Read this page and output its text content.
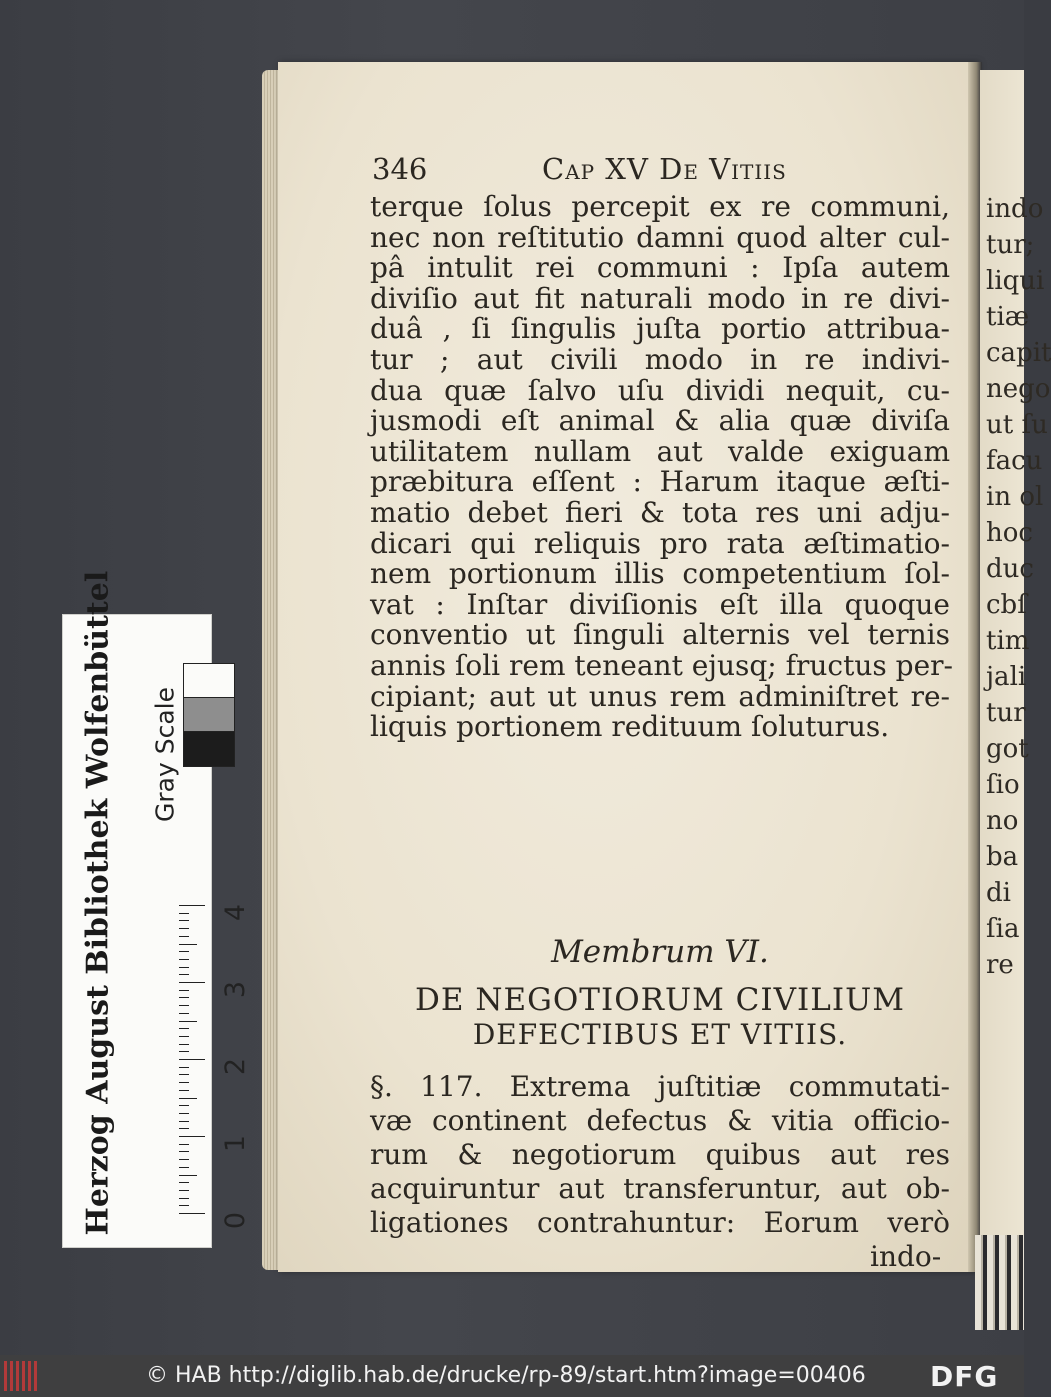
indo
tur;
liqui
tiæ
capit
nego
ut ſu
facu
in ol
hoc
duc
cbſ
tim
jali
tur
got
ſio
no
ba
di
ſia
re
346	Cap XV De Vitiis
terque ſolus percepit ex re communi,
nec non reſtitutio damni quod alter cul-
pâ intulit rei communi : Ipſa autem
diviſio aut fit naturali modo in re divi-
duâ , ſi ſingulis juſta portio attribua-
tur ; aut civili modo in re indivi-
dua quæ ſalvo uſu dividi nequit, cu-
jusmodi eſt animal & alia quæ diviſa
utilitatem nullam aut valde exiguam
præbitura eſſent : Harum itaque æſti-
matio debet fieri & tota res uni adju-
dicari qui reliquis pro rata æſtimatio-
nem portionum illis competentium ſol-
vat : Inſtar diviſionis eſt illa quoque
conventio ut ſinguli alternis vel ternis
annis ſoli rem teneant ejusq; fructus per-
cipiant; aut ut unus rem adminiſtret re-
liquis portionem redituum ſoluturus.
Membrum VI.
DE NEGOTIORUM CIVILIUM
DEFECTIBUS ET VITIIS.
§. 117. Extrema juſtitiæ commutati-
væ continent defectus & vitia officio-
rum & negotiorum quibus aut res
acquiruntur aut transferuntur, aut ob-
ligationes contrahuntur: Eorum verò
indo-
Herzog August Bibliothek Wolfenbüttel Gray Scale
0
1
2
3
4
© HAB http://diglib.hab.de/drucke/rp-89/start.htm?image=00406 DFG
